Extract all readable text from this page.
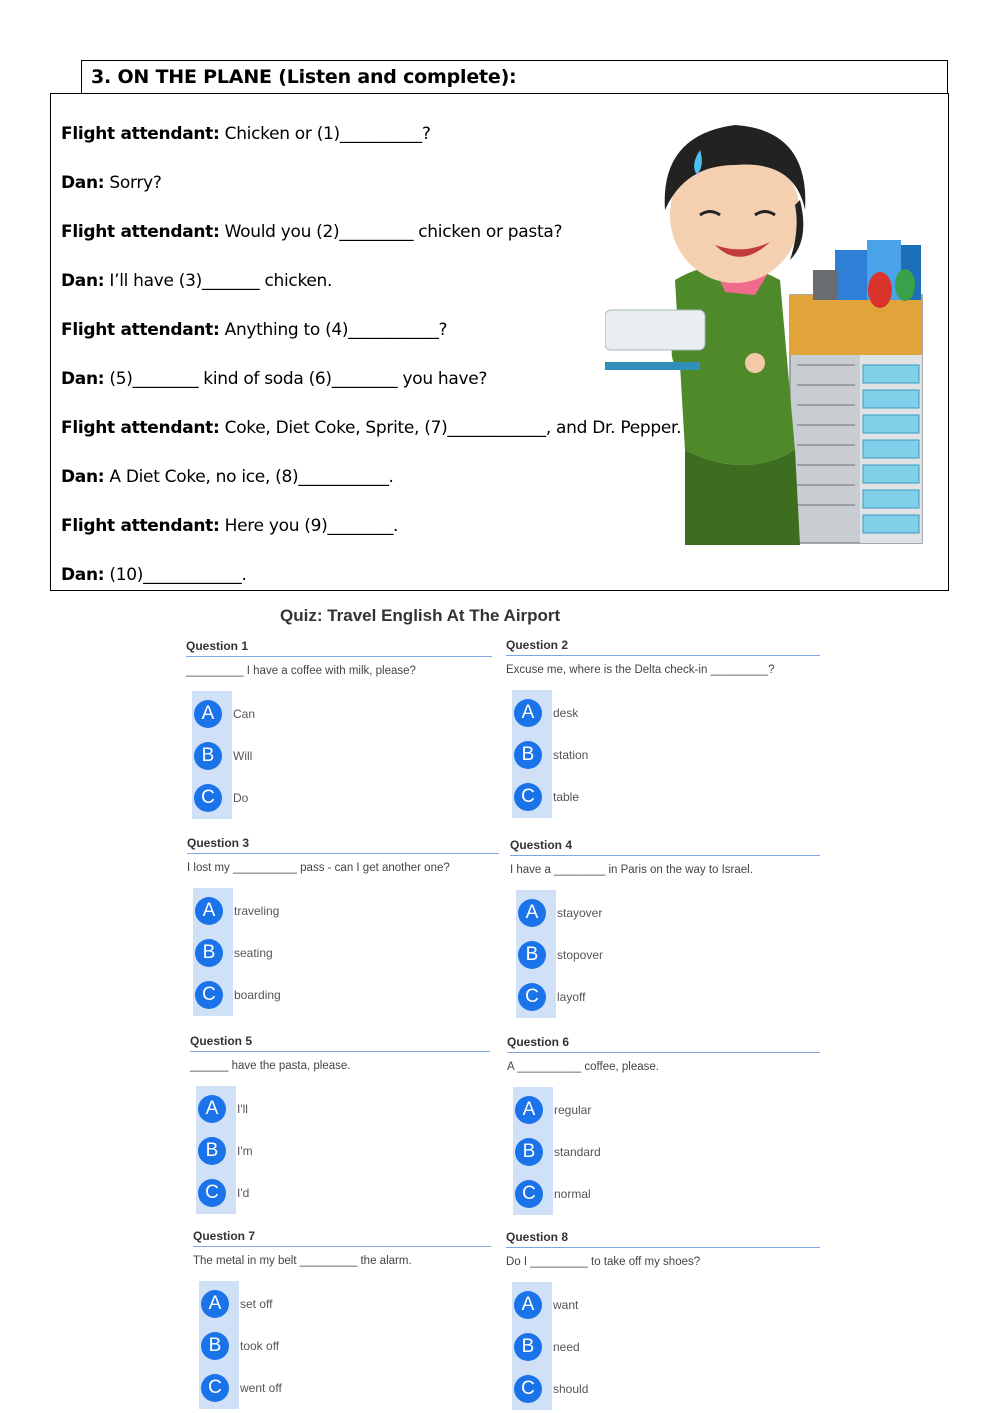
3. ON THE PLANE (Listen and complete):
Flight attendant: Chicken or (1)__________?
Dan: Sorry?
Flight attendant: Would you (2)_________ chicken or pasta?
Dan: I’ll have (3)_______ chicken.
Flight attendant: Anything to (4)___________?
Dan: (5)________ kind of soda (6)________ you have?
Flight attendant: Coke, Diet Coke, Sprite, (7)____________, and Dr. Pepper.
Dan: A Diet Coke, no ice, (8)___________.
Flight attendant: Here you (9)________.
Dan: (10)____________.
Quiz: Travel English At The Airport
Question 1
_________ I have a coffee with milk, please?
A	Can
B	Will
C	Do
Question 2
Excuse me, where is the Delta check-in _________?
A	desk
B	station
C	table
Question 3
I lost my __________ pass - can I get another one?
A	traveling
B	seating
C	boarding
Question 4
I have a ________ in Paris on the way to Israel.
A	stayover
B	stopover
C	layoff
Question 5
______ have the pasta, please.
A	I'll
B	I'm
C	I'd
Question 6
A __________ coffee, please.
A	regular
B	standard
C	normal
Question 7
The metal in my belt _________ the alarm.
A	set off
B	took off
C	went off
Question 8
Do I _________ to take off my shoes?
A	want
B	need
C	should
